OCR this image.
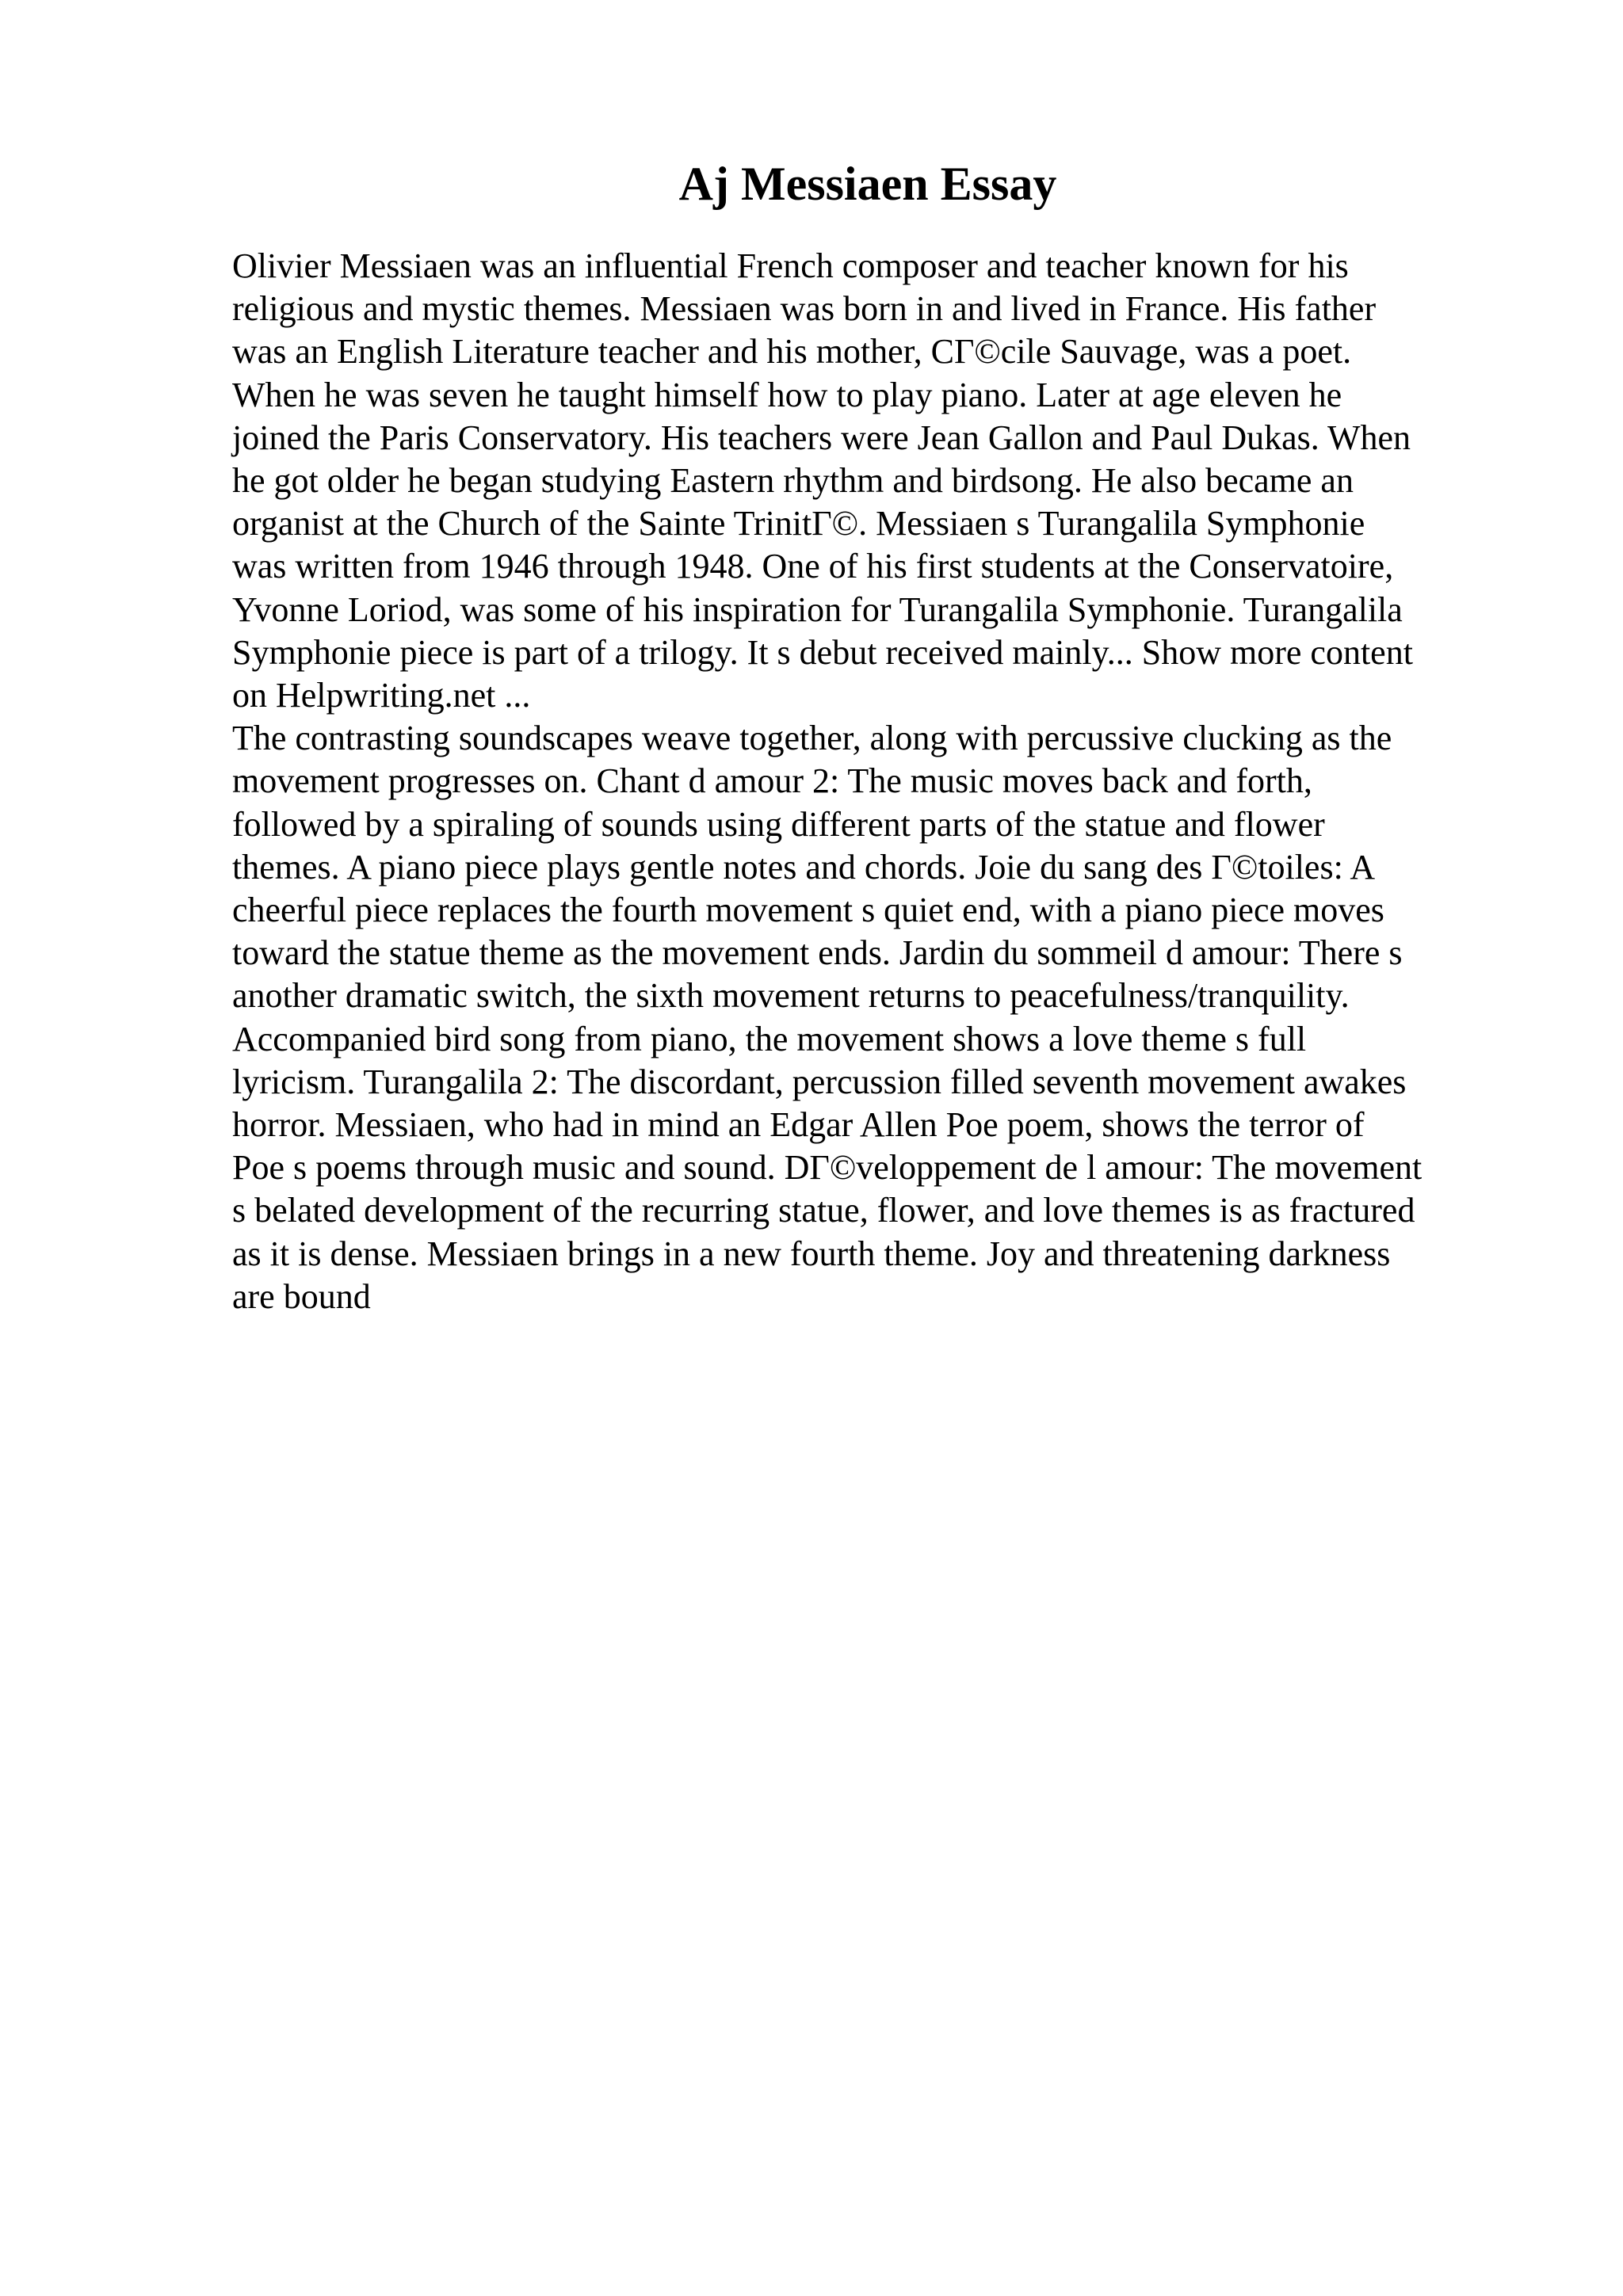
Aj Messiaen Essay
Olivier Messiaen was an influential French composer and teacher known for his
religious and mystic themes. Messiaen was born in and lived in France. His father
was an English Literature teacher and his mother, CΓ©cile Sauvage, was a poet.
When he was seven he taught himself how to play piano. Later at age eleven he
joined the Paris Conservatory. His teachers were Jean Gallon and Paul Dukas. When
he got older he began studying Eastern rhythm and birdsong. He also became an
organist at the Church of the Sainte TrinitΓ©. Messiaen s Turangalila Symphonie
was written from 1946 through 1948. One of his first students at the Conservatoire,
Yvonne Loriod, was some of his inspiration for Turangalila Symphonie. Turangalila
Symphonie piece is part of a trilogy. It s debut received mainly... Show more content
on Helpwriting.net ...
The contrasting soundscapes weave together, along with percussive clucking as the
movement progresses on. Chant d amour 2: The music moves back and forth,
followed by a spiraling of sounds using different parts of the statue and flower
themes. A piano piece plays gentle notes and chords. Joie du sang des Γ©toiles: A
cheerful piece replaces the fourth movement s quiet end, with a piano piece moves
toward the statue theme as the movement ends. Jardin du sommeil d amour: There s
another dramatic switch, the sixth movement returns to peacefulness/tranquility.
Accompanied bird song from piano, the movement shows a love theme s full
lyricism. Turangalila 2: The discordant, percussion filled seventh movement awakes
horror. Messiaen, who had in mind an Edgar Allen Poe poem, shows the terror of
Poe s poems through music and sound. DΓ©veloppement de l amour: The movement
s belated development of the recurring statue, flower, and love themes is as fractured
as it is dense. Messiaen brings in a new fourth theme. Joy and threatening darkness
are bound
